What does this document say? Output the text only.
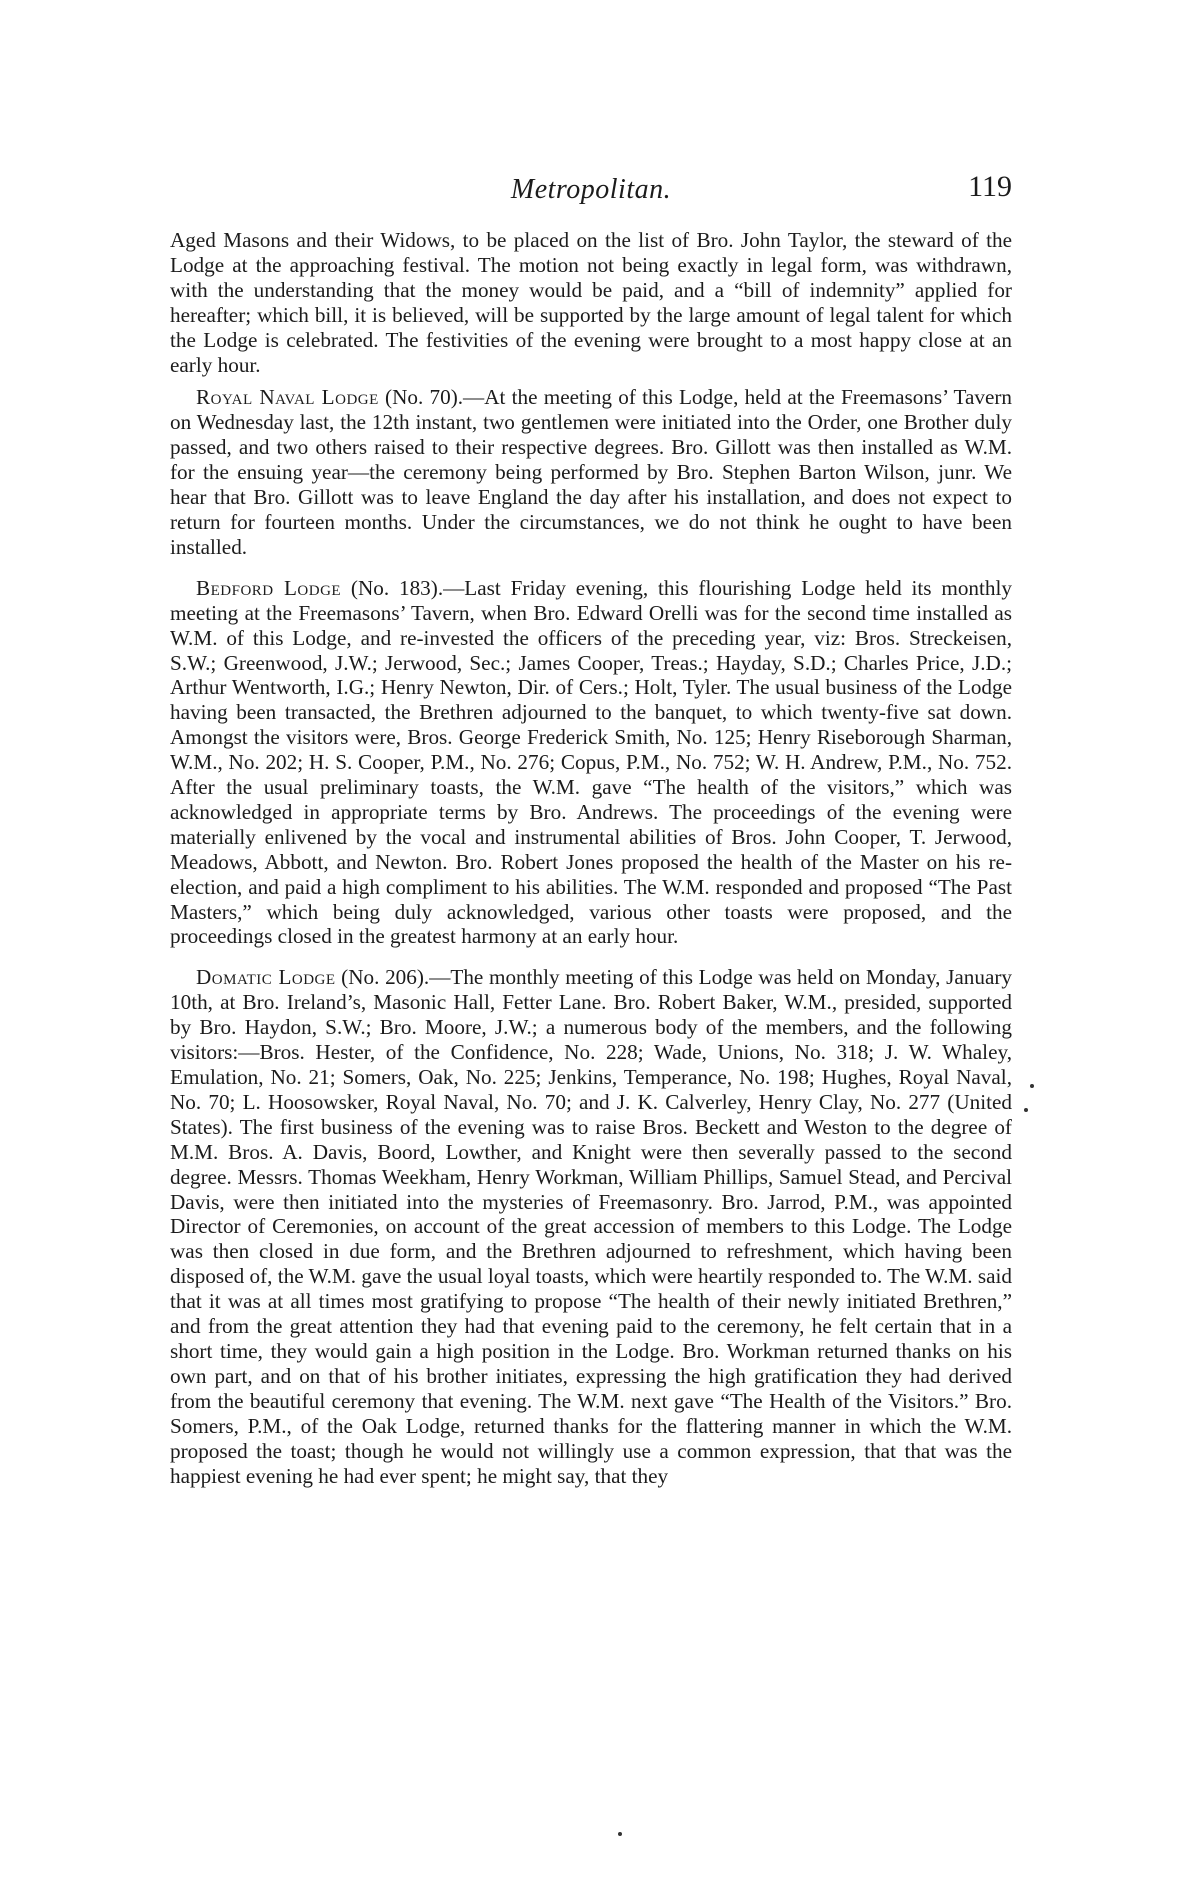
Metropolitan.	119

Aged Masons and their Widows, to be placed on the list of Bro. John Taylor, the steward of the Lodge at the approaching festival. The motion not being exactly in legal form, was withdrawn, with the understanding that the money would be paid, and a “bill of indemnity” applied for hereafter; which bill, it is believed, will be supported by the large amount of legal talent for which the Lodge is celebrated. The festivities of the evening were brought to a most happy close at an early hour.

Royal Naval Lodge (No. 70).—At the meeting of this Lodge, held at the Freemasons’ Tavern on Wednesday last, the 12th instant, two gentlemen were initiated into the Order, one Brother duly passed, and two others raised to their respective degrees. Bro. Gillott was then installed as W.M. for the ensuing year—the ceremony being performed by Bro. Stephen Barton Wilson, junr. We hear that Bro. Gillott was to leave England the day after his installation, and does not expect to return for fourteen months. Under the circumstances, we do not think he ought to have been installed.

Bedford Lodge (No. 183).—Last Friday evening, this flourishing Lodge held its monthly meeting at the Freemasons’ Tavern, when Bro. Edward Orelli was for the second time installed as W.M. of this Lodge, and re-invested the officers of the preceding year, viz: Bros. Streckeisen, S.W.; Greenwood, J.W.; Jerwood, Sec.; James Cooper, Treas.; Hayday, S.D.; Charles Price, J.D.; Arthur Wentworth, I.G.; Henry Newton, Dir. of Cers.; Holt, Tyler. The usual business of the Lodge having been transacted, the Brethren adjourned to the banquet, to which twenty-five sat down. Amongst the visitors were, Bros. George Frederick Smith, No. 125; Henry Riseborough Sharman, W.M., No. 202; H. S. Cooper, P.M., No. 276; Copus, P.M., No. 752; W. H. Andrew, P.M., No. 752. After the usual preliminary toasts, the W.M. gave “The health of the visitors,” which was acknowledged in appropriate terms by Bro. Andrews. The proceedings of the evening were materially enlivened by the vocal and instrumental abilities of Bros. John Cooper, T. Jerwood, Meadows, Abbott, and Newton. Bro. Robert Jones proposed the health of the Master on his re-election, and paid a high compliment to his abilities. The W.M. responded and proposed “The Past Masters,” which being duly acknowledged, various other toasts were proposed, and the proceedings closed in the greatest harmony at an early hour.

Domatic Lodge (No. 206).—The monthly meeting of this Lodge was held on Monday, January 10th, at Bro. Ireland’s, Masonic Hall, Fetter Lane. Bro. Robert Baker, W.M., presided, supported by Bro. Haydon, S.W.; Bro. Moore, J.W.; a numerous body of the members, and the following visitors:—Bros. Hester, of the Confidence, No. 228; Wade, Unions, No. 318; J. W. Whaley, Emulation, No. 21; Somers, Oak, No. 225; Jenkins, Temperance, No. 198; Hughes, Royal Naval, No. 70; L. Hoosowsker, Royal Naval, No. 70; and J. K. Calverley, Henry Clay, No. 277 (United States). The first business of the evening was to raise Bros. Beckett and Weston to the degree of M.M. Bros. A. Davis, Boord, Lowther, and Knight were then severally passed to the second degree. Messrs. Thomas Weekham, Henry Workman, William Phillips, Samuel Stead, and Percival Davis, were then initiated into the mysteries of Freemasonry. Bro. Jarrod, P.M., was appointed Director of Ceremonies, on account of the great accession of members to this Lodge. The Lodge was then closed in due form, and the Brethren adjourned to refreshment, which having been disposed of, the W.M. gave the usual loyal toasts, which were heartily responded to. The W.M. said that it was at all times most gratifying to propose “The health of their newly initiated Brethren,” and from the great attention they had that evening paid to the ceremony, he felt certain that in a short time, they would gain a high position in the Lodge. Bro. Workman returned thanks on his own part, and on that of his brother initiates, expressing the high gratification they had derived from the beautiful ceremony that evening. The W.M. next gave “The Health of the Visitors.” Bro. Somers, P.M., of the Oak Lodge, returned thanks for the flattering manner in which the W.M. proposed the toast; though he would not willingly use a common expression, that that was the happiest evening he had ever spent; he might say, that they
